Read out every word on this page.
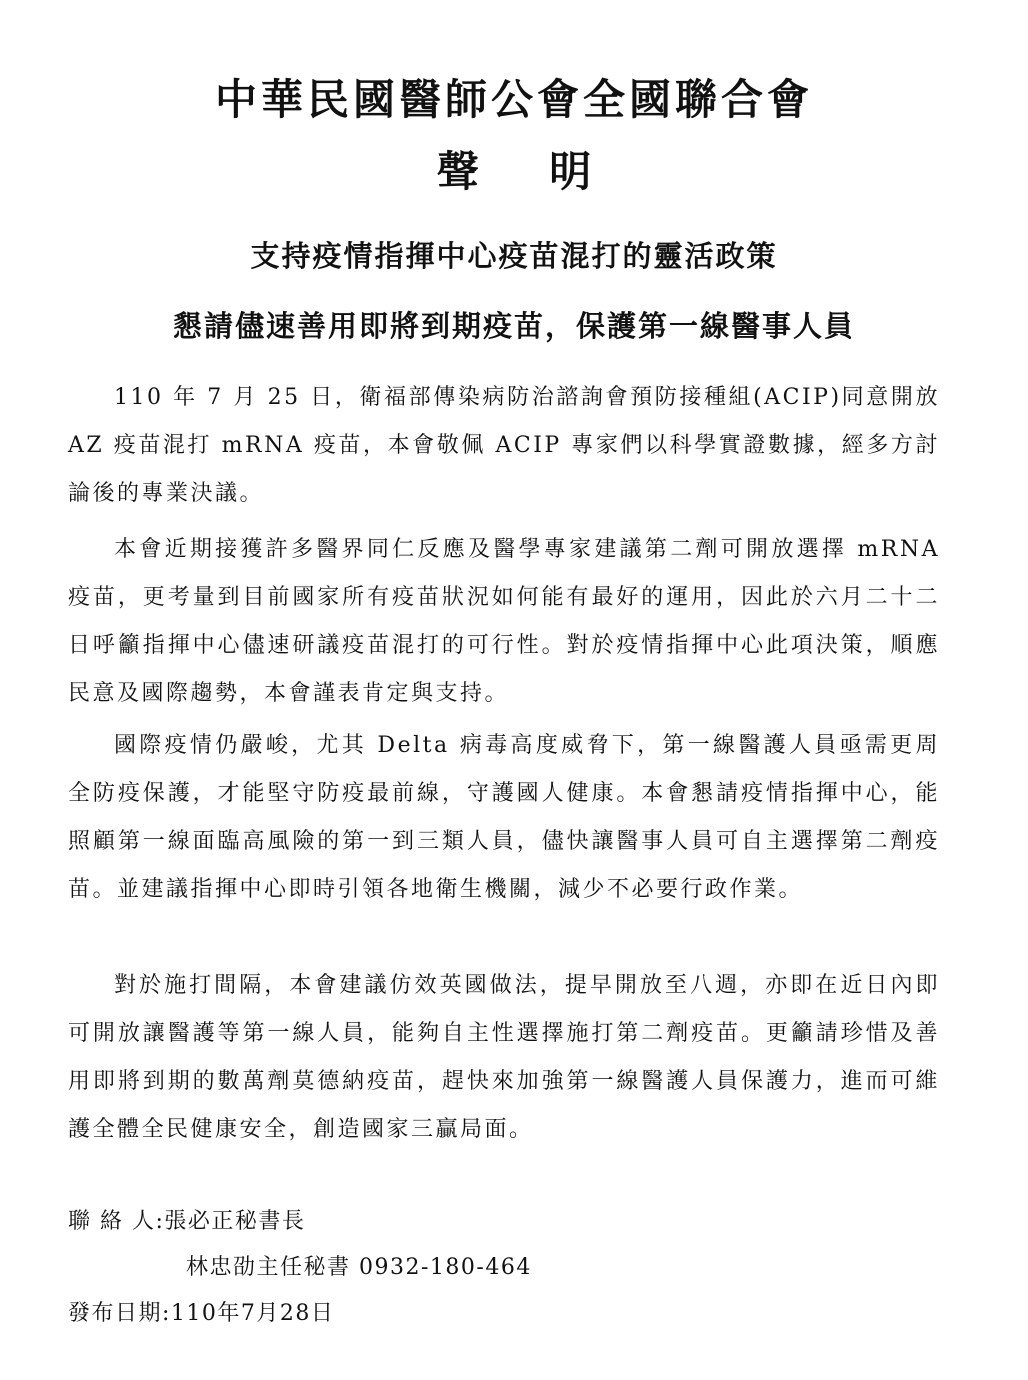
中華民國醫師公會全國聯合會
聲 明
支持疫情指揮中心疫苗混打的靈活政策
懇請儘速善用即將到期疫苗，保護第一線醫事人員

110 年 7 月 25 日，衛福部傳染病防治諮詢會預防接種組(ACIP)同意開放 AZ 疫苗混打 mRNA 疫苗，本會敬佩 ACIP 專家們以科學實證數據，經多方討論後的專業決議。

本會近期接獲許多醫界同仁反應及醫學專家建議第二劑可開放選擇 mRNA 疫苗，更考量到目前國家所有疫苗狀況如何能有最好的運用，因此於六月二十二日呼籲指揮中心儘速研議疫苗混打的可行性。對於疫情指揮中心此項決策，順應民意及國際趨勢，本會謹表肯定與支持。

國際疫情仍嚴峻，尤其 Delta 病毒高度威脅下，第一線醫護人員亟需更周全防疫保護，才能堅守防疫最前線，守護國人健康。本會懇請疫情指揮中心，能照顧第一線面臨高風險的第一到三類人員，儘快讓醫事人員可自主選擇第二劑疫苗。並建議指揮中心即時引領各地衛生機關，減少不必要行政作業。

對於施打間隔，本會建議仿效英國做法，提早開放至八週，亦即在近日內即可開放讓醫護等第一線人員，能夠自主性選擇施打第二劑疫苗。更籲請珍惜及善用即將到期的數萬劑莫德納疫苗，趕快來加強第一線醫護人員保護力，進而可維護全體全民健康安全，創造國家三贏局面。

聯 絡 人:張必正秘書長
林忠劭主任秘書 0932-180-464
發布日期:110年7月28日
